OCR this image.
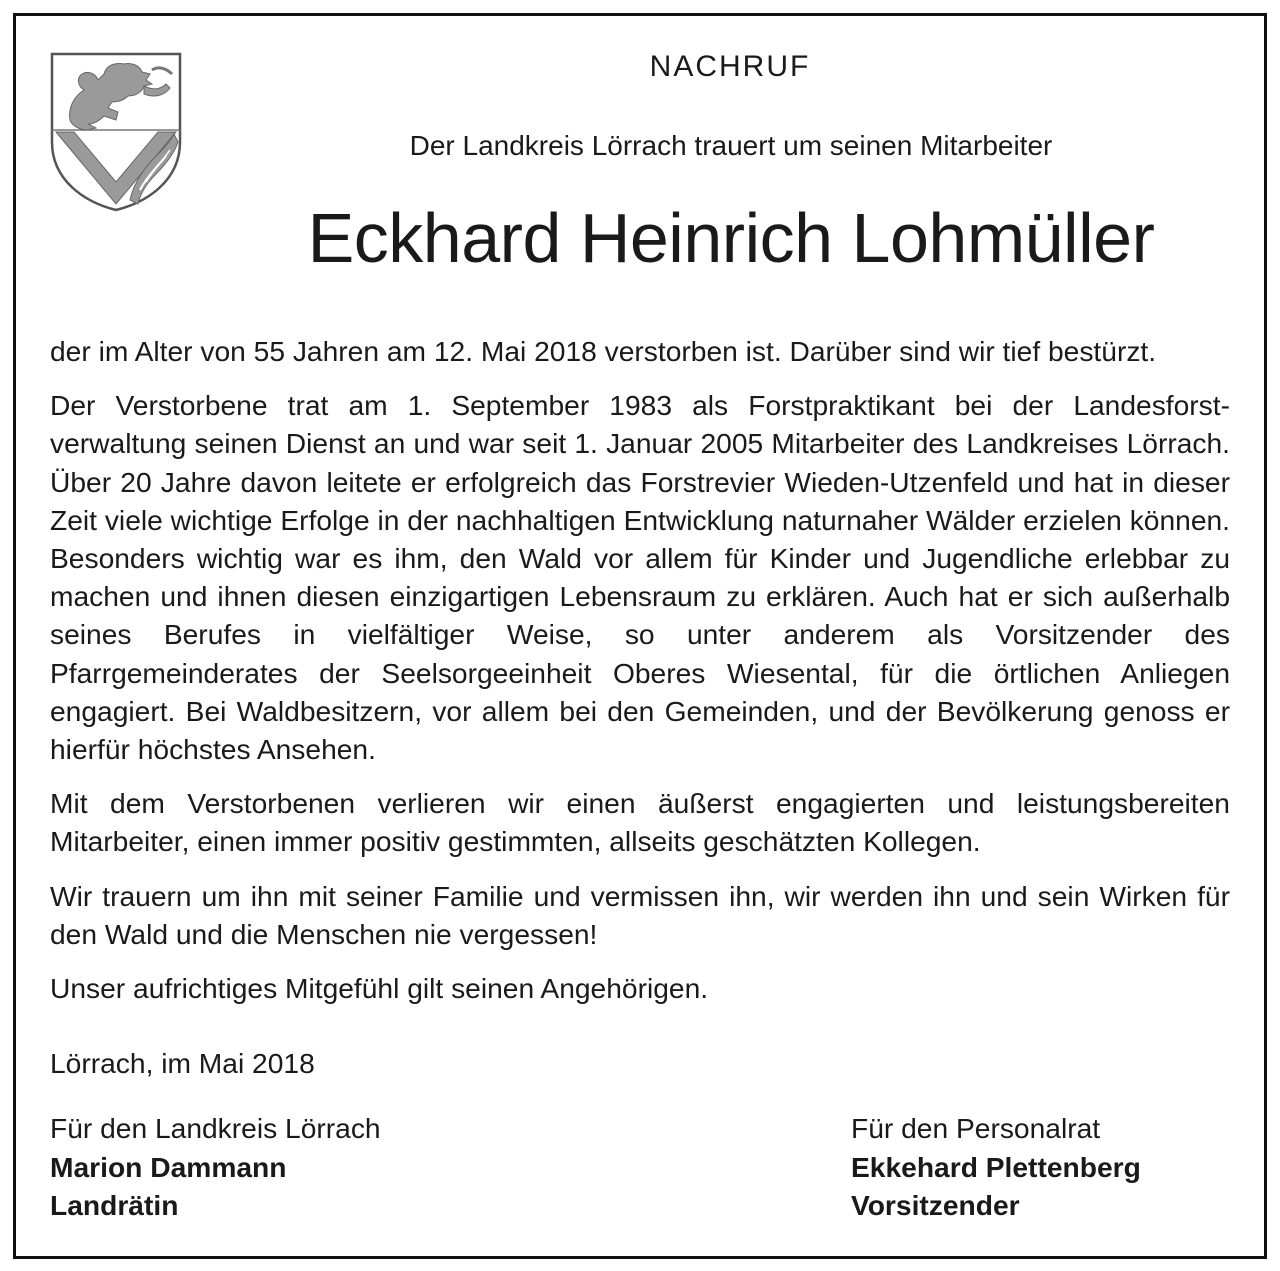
NACHRUF
Der Landkreis Lörrach trauert um seinen Mitarbeiter
Eckhard Heinrich Lohmüller

der im Alter von 55 Jahren am 12. Mai 2018 verstorben ist. Darüber sind wir tief bestürzt.

Der Verstorbene trat am 1. September 1983 als Forstpraktikant bei der Landesforst-verwaltung seinen Dienst an und war seit 1. Januar 2005 Mitarbeiter des Landkreises Lörrach. Über 20 Jahre davon leitete er erfolgreich das Forstrevier Wieden-Utzenfeld und hat in dieser Zeit viele wichtige Erfolge in der nachhaltigen Entwicklung naturnaher Wälder erzielen können. Besonders wichtig war es ihm, den Wald vor allem für Kinder und Jugendliche erlebbar zu machen und ihnen diesen einzigartigen Lebensraum zu erklären. Auch hat er sich außerhalb seines Berufes in vielfältiger Weise, so unter anderem als Vorsitzender des Pfarrgemeinderates der Seelsorgeeinheit Oberes Wiesental, für die örtlichen Anliegen engagiert. Bei Waldbesitzern, vor allem bei den Gemeinden, und der Bevölkerung genoss er hierfür höchstes Ansehen.

Mit dem Verstorbenen verlieren wir einen äußerst engagierten und leistungsbereiten Mitarbeiter, einen immer positiv gestimmten, allseits geschätzten Kollegen.

Wir trauern um ihn mit seiner Familie und vermissen ihn, wir werden ihn und sein Wirken für den Wald und die Menschen nie vergessen!

Unser aufrichtiges Mitgefühl gilt seinen Angehörigen.

Lörrach, im Mai 2018
Für den Landkreis Lörrach
Marion Dammann
Landrätin
Für den Personalrat
Ekkehard Plettenberg
Vorsitzender
